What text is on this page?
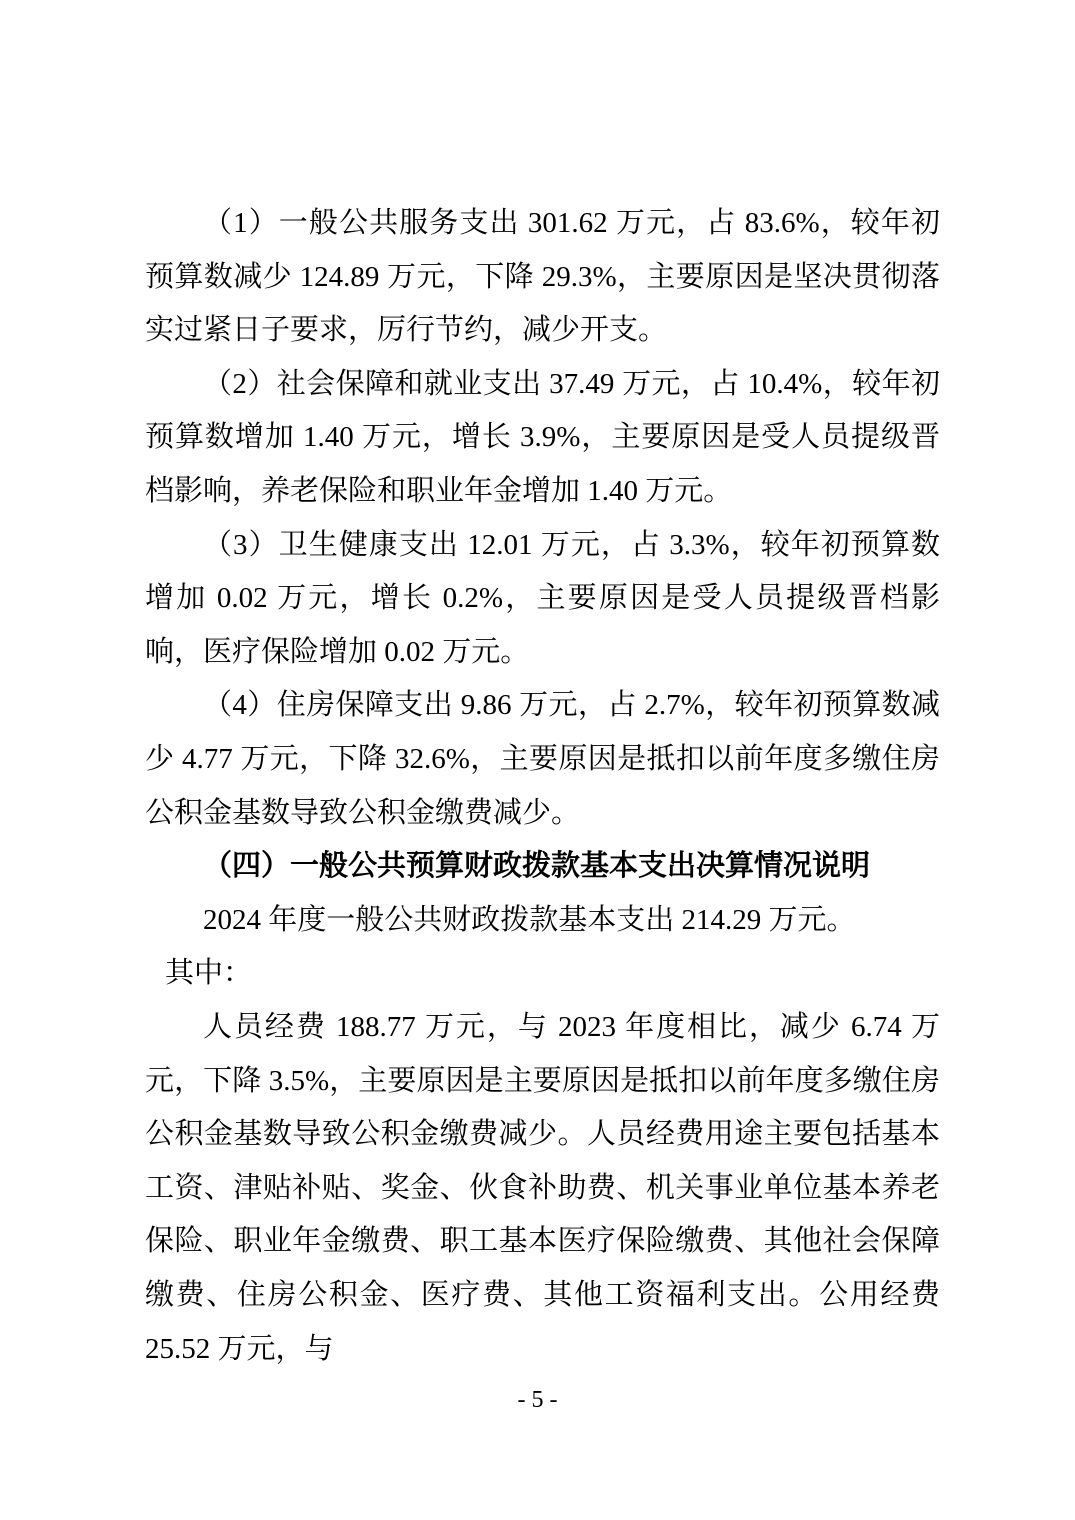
（1）一般公共服务支出 301.62 万元，占 83.6%，较年初预算数减少 124.89 万元，下降 29.3%，主要原因是坚决贯彻落实过紧日子要求，厉行节约，减少开支。

（2）社会保障和就业支出 37.49 万元，占 10.4%，较年初预算数增加 1.40 万元，增长 3.9%，主要原因是受人员提级晋档影响，养老保险和职业年金增加 1.40 万元。

（3）卫生健康支出 12.01 万元，占 3.3%，较年初预算数增加 0.02 万元，增长 0.2%，主要原因是受人员提级晋档影响，医疗保险增加 0.02 万元。

（4）住房保障支出 9.86 万元，占 2.7%，较年初预算数减少 4.77 万元，下降 32.6%，主要原因是抵扣以前年度多缴住房公积金基数导致公积金缴费减少。

（四）一般公共预算财政拨款基本支出决算情况说明

2024 年度一般公共财政拨款基本支出 214.29 万元。

其中：

人员经费 188.77 万元，与 2023 年度相比，减少 6.74 万元，下降 3.5%，主要原因是主要原因是抵扣以前年度多缴住房公积金基数导致公积金缴费减少。人员经费用途主要包括基本工资、津贴补贴、奖金、伙食补助费、机关事业单位基本养老保险、职业年金缴费、职工基本医疗保险缴费、其他社会保障缴费、住房公积金、医疗费、其他工资福利支出。公用经费 25.52 万元，与

- 5 -
